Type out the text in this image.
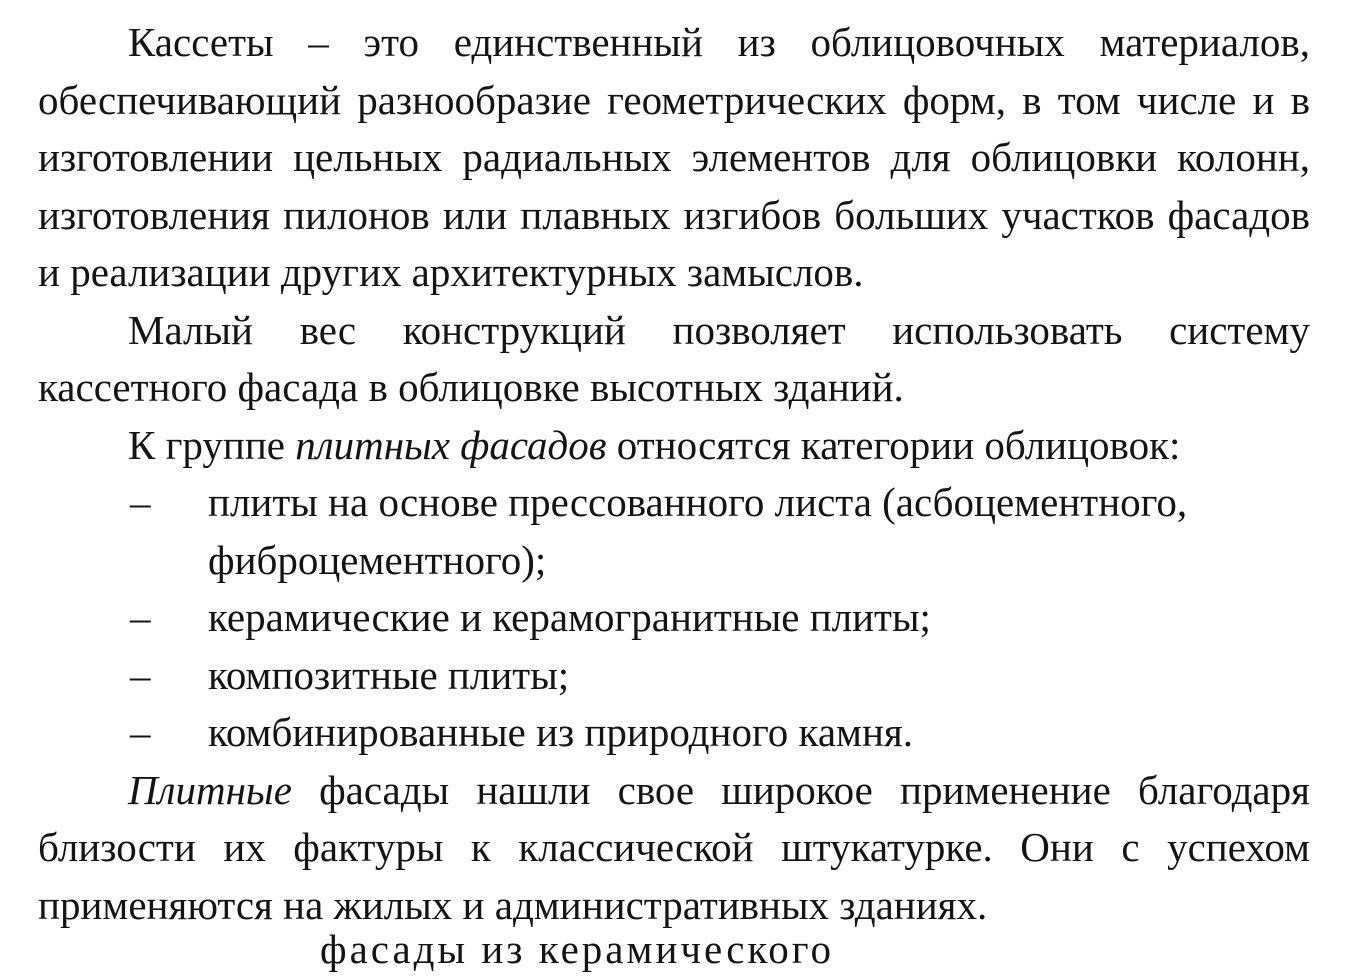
Кассеты – это единственный из облицовочных материалов, обеспечивающий разнообразие геометрических форм, в том числе и в изготовлении цельных радиальных элементов для облицовки колонн, изготовления пилонов или плавных изгибов больших участков фасадов и реализации других архитектурных замыслов.

Малый вес конструкций позволяет использовать систему кассетного фасада в облицовке высотных зданий.

К группе плитных фасадов относятся категории облицовок:

– плиты на основе прессованного листа (асбоцементного, фиброцементного);
– керамические и керамогранитные плиты;
– композитные плиты;
– комбинированные из природного камня.

Плитные фасады нашли свое широкое применение благодаря близости их фактуры к классической штукатурке. Они с успехом применяются на жилых и административных зданиях.

фасады из керамического
